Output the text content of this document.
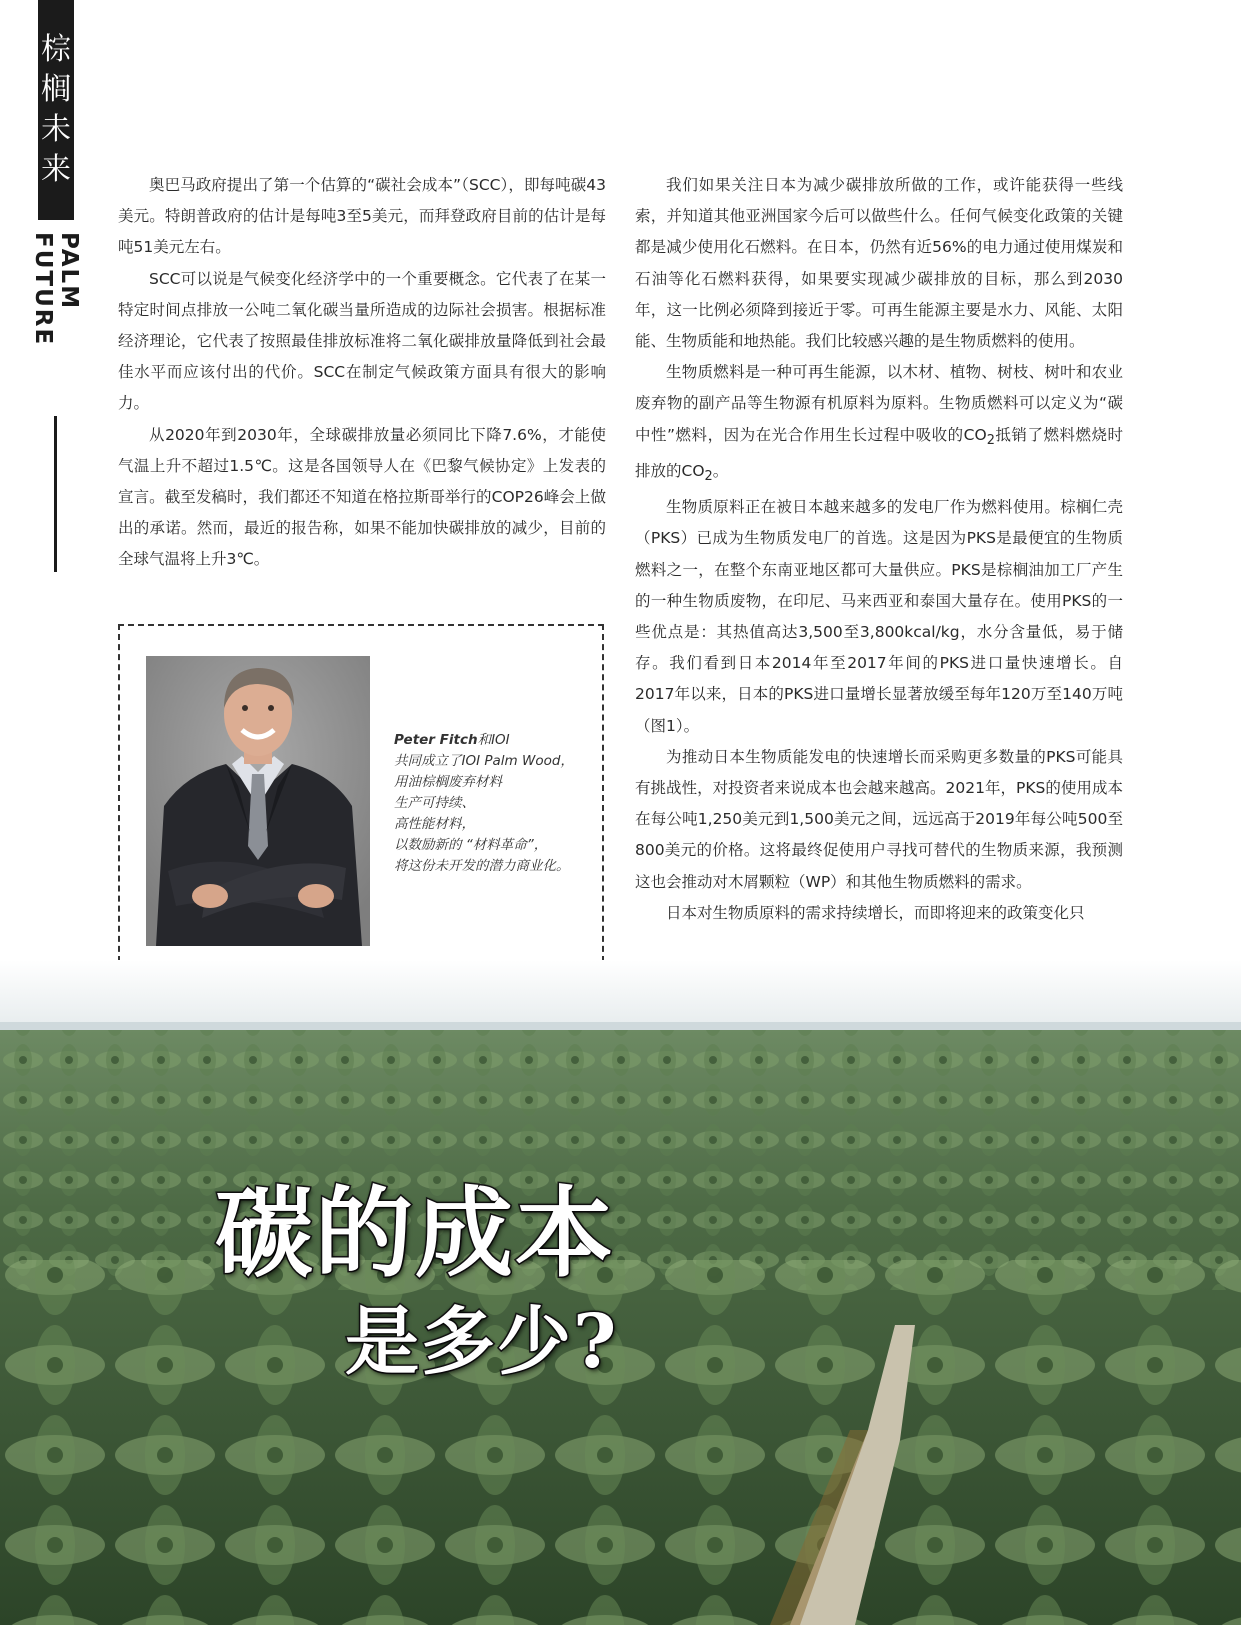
棕
榈
未
来
PALM FUTURE

奥巴马政府提出了第一个估算的“碳社会成本”（SCC），即每吨碳43美元。特朗普政府的估计是每吨3至5美元，而拜登政府目前的估计是每吨51美元左右。

SCC可以说是气候变化经济学中的一个重要概念。它代表了在某一特定时间点排放一公吨二氧化碳当量所造成的边际社会损害。根据标准经济理论，它代表了按照最佳排放标准将二氧化碳排放量降低到社会最佳水平而应该付出的代价。SCC在制定气候政策方面具有很大的影响力。

从2020年到2030年，全球碳排放量必须同比下降7.6%，才能使气温上升不超过1.5℃。这是各国领导人在《巴黎气候协定》上发表的宣言。截至发稿时，我们都还不知道在格拉斯哥举行的COP26峰会上做出的承诺。然而，最近的报告称，如果不能加快碳排放的减少，目前的全球气温将上升3℃。

Peter Fitch和IOI
共同成立了IOI Palm Wood，
用油棕榈废弃材料
生产可持续、
高性能材料，
以数励新的 “材料革命”，
将这份未开发的潜力商业化。

我们如果关注日本为减少碳排放所做的工作，或许能获得一些线索，并知道其他亚洲国家今后可以做些什么。任何气候变化政策的关键都是减少使用化石燃料。在日本，仍然有近56%的电力通过使用煤炭和石油等化石燃料获得，如果要实现减少碳排放的目标，那么到2030年，这一比例必须降到接近于零。可再生能源主要是水力、风能、太阳能、生物质能和地热能。我们比较感兴趣的是生物质燃料的使用。

生物质燃料是一种可再生能源，以木材、植物、树枝、树叶和农业废弃物的副产品等生物源有机原料为原料。生物质燃料可以定义为“碳中性”燃料，因为在光合作用生长过程中吸收的$CO_2$抵销了燃料燃烧时排放的$CO_2$。

生物质原料正在被日本越来越多的发电厂作为燃料使用。棕榈仁壳（PKS）已成为生物质发电厂的首选。这是因为PKS是最便宜的生物质燃料之一，在整个东南亚地区都可大量供应。PKS是棕榈油加工厂产生的一种生物质废物，在印尼、马来西亚和泰国大量存在。使用PKS的一些优点是：其热值高达3,500至3,800kcal/kg，水分含量低，易于储存。我们看到日本2014年至2017年间的PKS进口量快速增长。自2017年以来，日本的PKS进口量增长显著放缓至每年120万至140万吨（图1）。

为推动日本生物质能发电的快速增长而采购更多数量的PKS可能具有挑战性，对投资者来说成本也会越来越高。2021年，PKS的使用成本在每公吨1,250美元到1,500美元之间，远远高于2019年每公吨500至800美元的价格。这将最终促使用户寻找可替代的生物质来源，我预测这也会推动对木屑颗粒（WP）和其他生物质燃料的需求。

日本对生物质原料的需求持续增长，而即将迎来的政策变化只

碳的成本
是多少?
